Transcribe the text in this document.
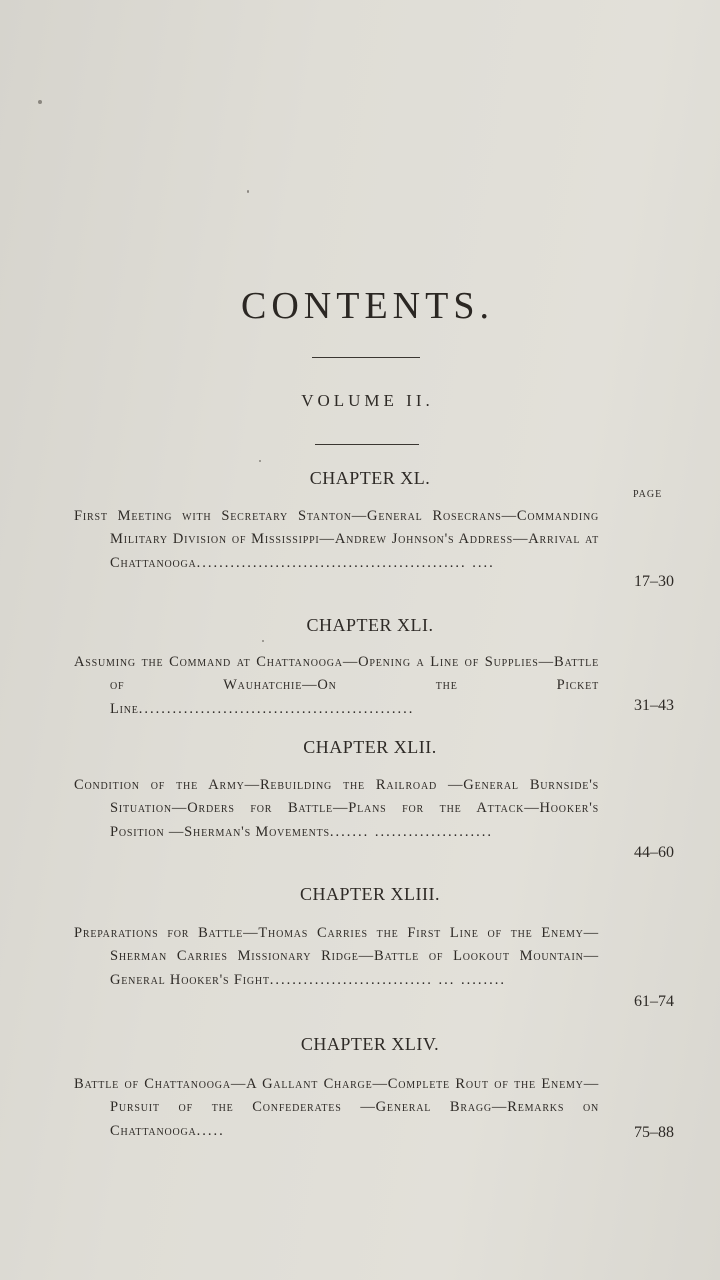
CONTENTS.
VOLUME II.
PAGE
CHAPTER XL.
First Meeting with Secretary Stanton—General Rosecrans—Commanding Military Division of Mississippi—Andrew Johnson's Address—Arrival at Chattanooga................................................ ....
17–30
CHAPTER XLI.
Assuming the Command at Chattanooga—Opening a Line of Supplies—Battle of Wauhatchie—On the Picket Line.................................................	31–43
CHAPTER XLII.
Condition of the Army—Rebuilding the Railroad —General Burnside's Situation—Orders for Battle—Plans for the Attack—Hooker's Position —Sherman's Movements....... .....................
44–60
CHAPTER XLIII.
Preparations for Battle—Thomas Carries the First Line of the Enemy—Sherman Carries Missionary Ridge—Battle of Lookout Mountain—General Hooker's Fight............................. ... ........
61–74
CHAPTER XLIV.
Battle of Chattanooga—A Gallant Charge—Complete Rout of the Enemy—Pursuit of the Confederates —General Bragg—Remarks on Chattanooga.....	75–88
